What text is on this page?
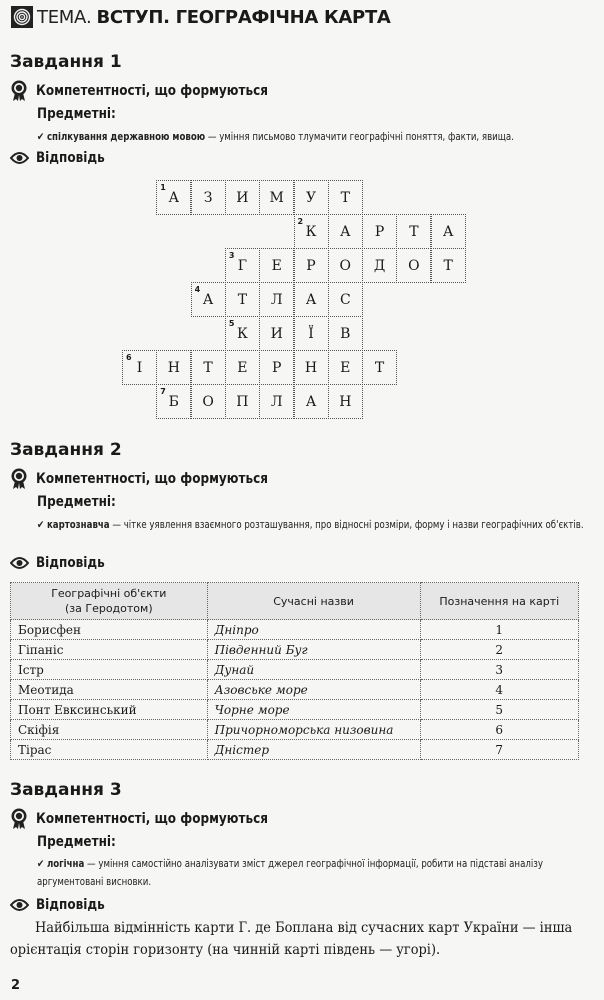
ТЕМА. ВСТУП. ГЕОГРАФІЧНА КАРТА
Завдання 1
Компетентності, що формуються
Предметні:
✔ спілкування державною мовою — уміння письмово тлумачити географічні поняття, факти, явища.
Відповідь
1
А З И М У Т
2
К А Р Т А
3
Г Е Р О Д О Т
4
А Т Л А С
5
К И Ї В
6
І Н Т Е Р Н Е Т
7
Б О П Л А Н
Завдання 2
Компетентності, що формуються
Предметні:
✔ картознавча — чітке уявлення взаємного розташування, про відносні розміри, форму і назви географічних об'єктів.
Відповідь
Географічні об'єкти
(за Геродотом)	Сучасні назви	Позначення на карті
Борисфен	Дніпро	1
Гіпаніс	Південний Буг	2
Істр	Дунай	3
Меотида	Азовське море	4
Понт Евксинський	Чорне море	5
Скіфія	Причорноморська низовина	6
Тірас	Дністер	7
Завдання 3
Компетентності, що формуються
Предметні:
✔ логічна — уміння самостійно аналізувати зміст джерел географічної інформації, робити на підставі аналізу аргументовані висновки.
Відповідь
Найбільша відмінність карти Г. де Боплана від сучасних карт України — інша орієнтація сторін горизонту (на чинній карті південь — угорі).
2
